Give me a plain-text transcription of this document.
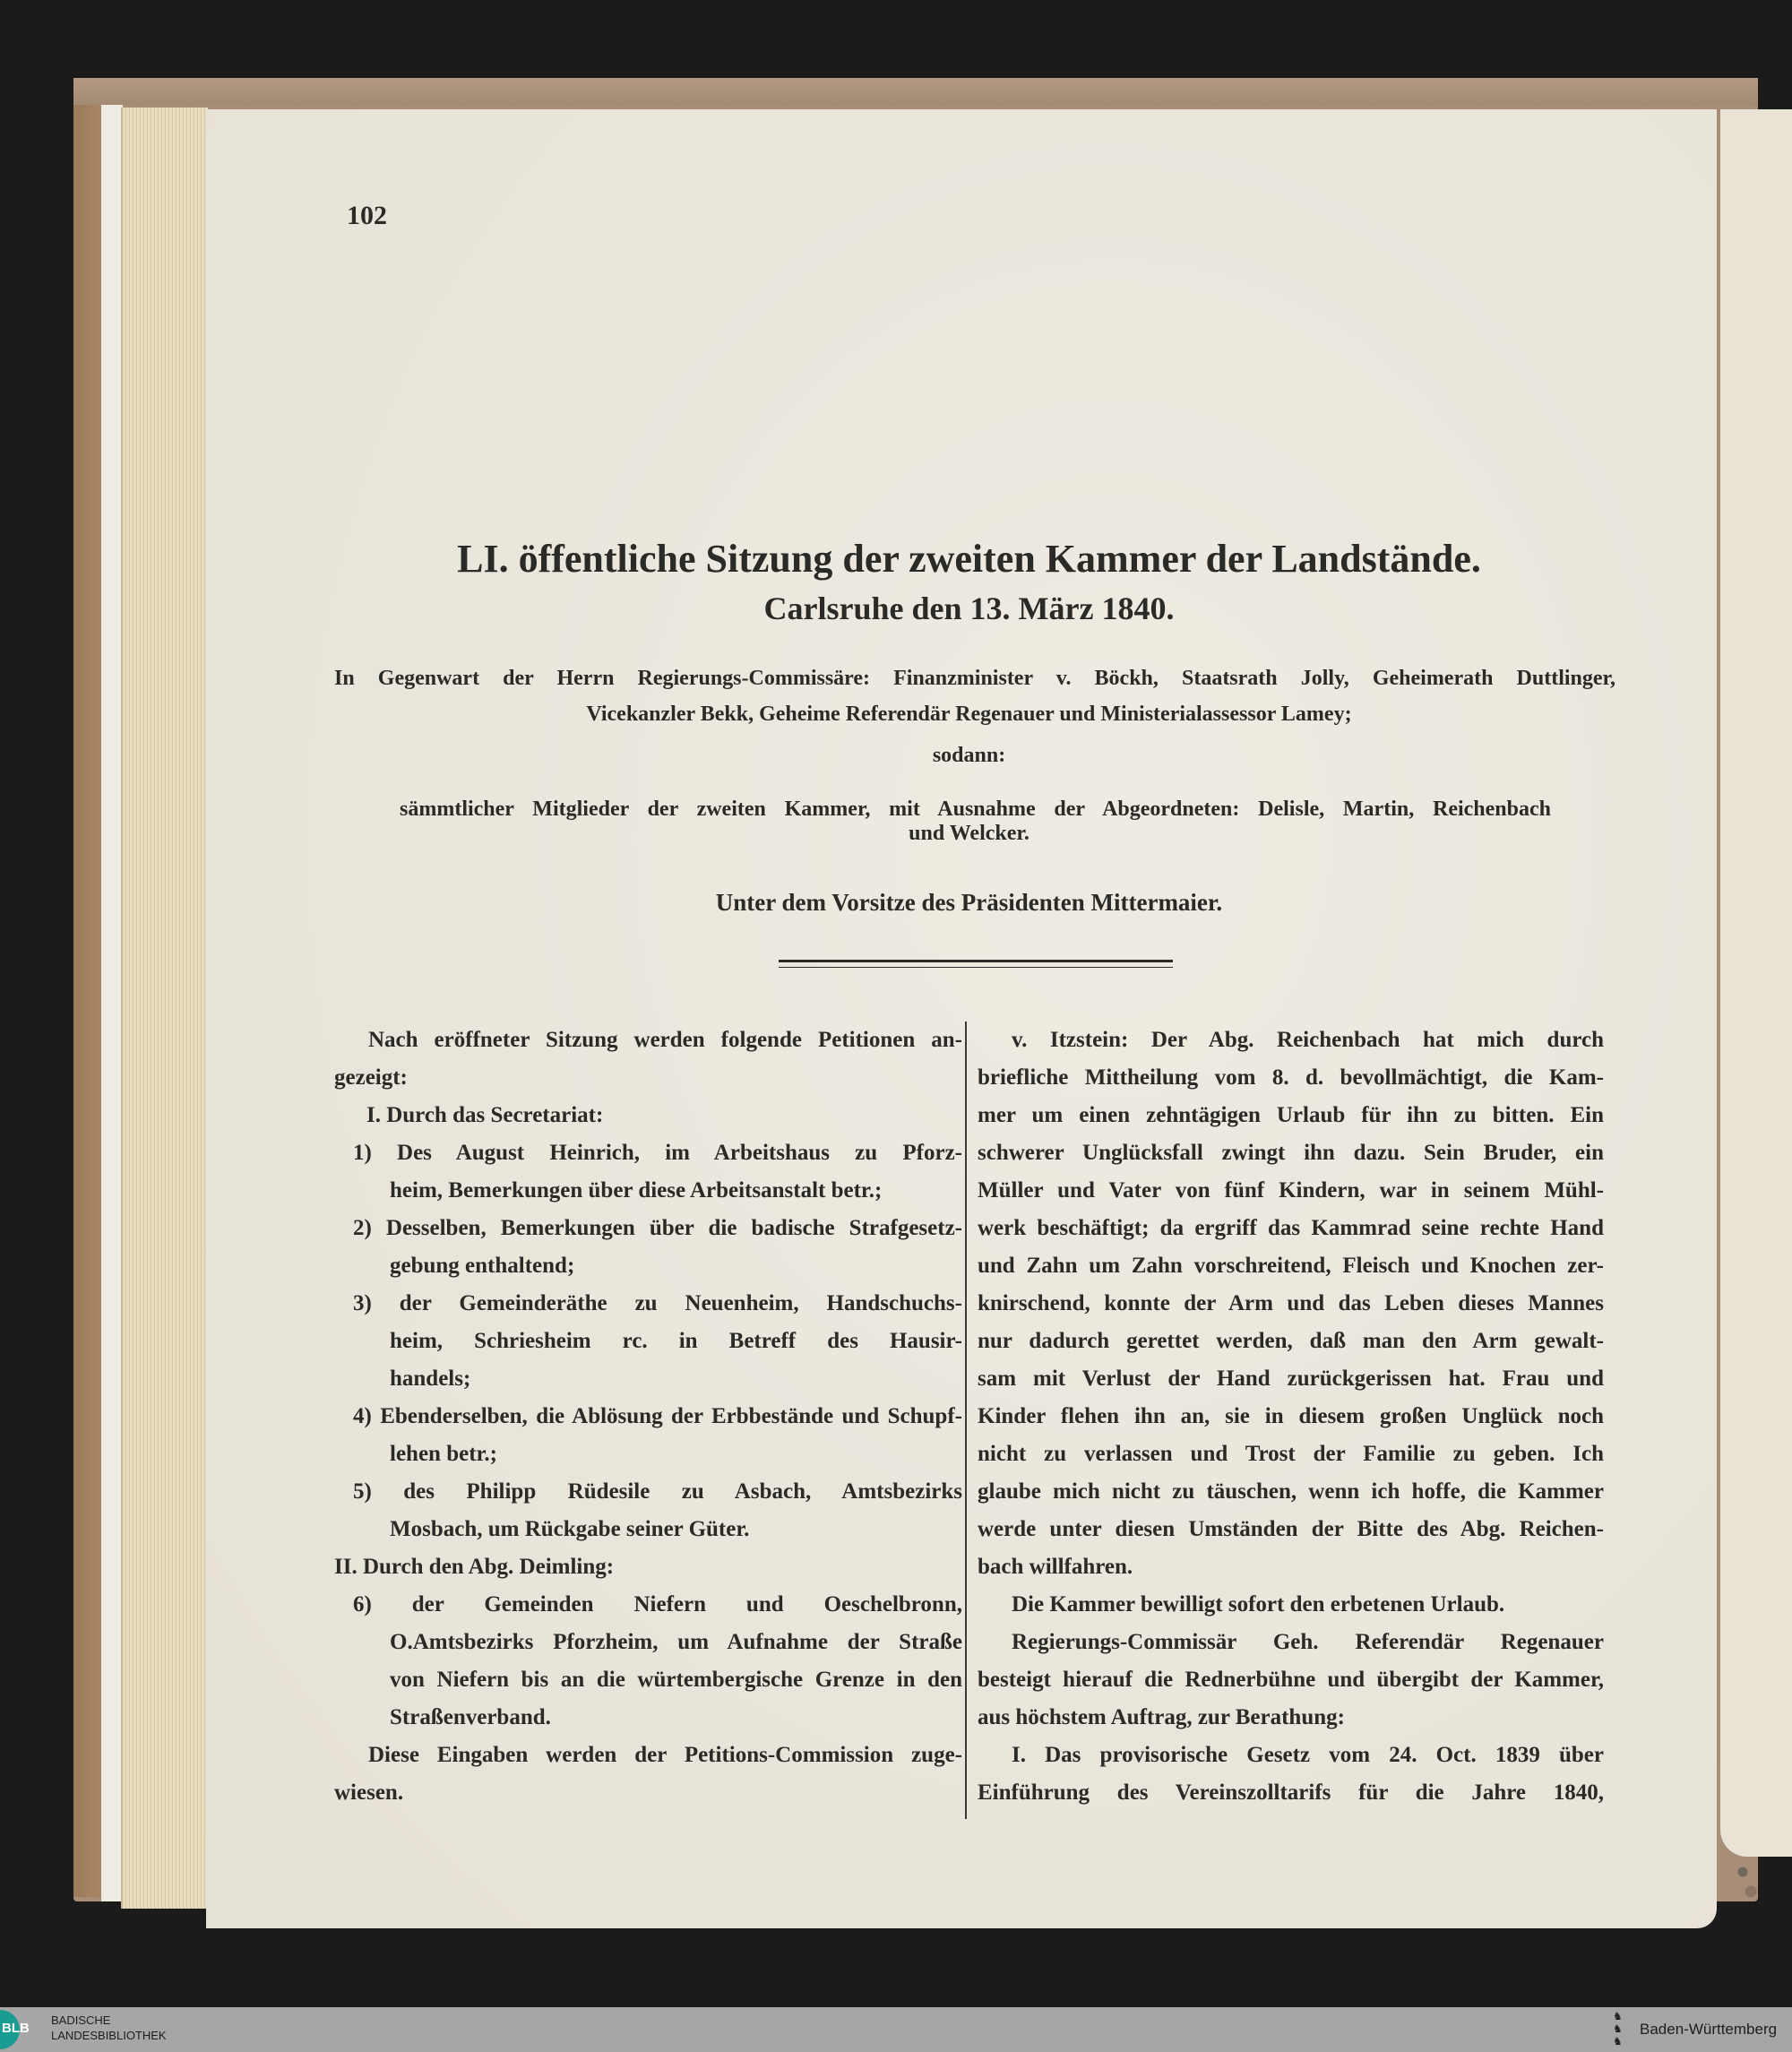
102
LI. öffentliche Sitzung der zweiten Kammer der Landstände.
Carlsruhe den 13. März 1840.
In Gegenwart der Herrn Regierungs-Commissäre: Finanzminister v. Böckh, Staatsrath Jolly, Geheimerath Duttlinger,
Vicekanzler Bekk, Geheime Referendär Regenauer und Ministerialassessor Lamey;
sodann:
sämmtlicher Mitglieder der zweiten Kammer, mit Ausnahme der Abgeordneten: Delisle, Martin, Reichenbach
und Welcker.
Unter dem Vorsitze des Präsidenten Mittermaier.
Nach eröffneter Sitzung werden folgende Petitionen an-
gezeigt:
I. Durch das Secretariat:
1) Des August Heinrich, im Arbeitshaus zu Pforz-
heim, Bemerkungen über diese Arbeitsanstalt betr.;
2) Desselben, Bemerkungen über die badische Strafgesetz-
gebung enthaltend;
3) der Gemeinderäthe zu Neuenheim, Handschuchs-
heim, Schriesheim rc. in Betreff des Hausir-
handels;
4) Ebenderselben, die Ablösung der Erbbestände und Schupf-
lehen betr.;
5) des Philipp Rüdesile zu Asbach, Amtsbezirks
Mosbach, um Rückgabe seiner Güter.
II. Durch den Abg. Deimling:
6) der Gemeinden Niefern und Oeschelbronn,
O.Amtsbezirks Pforzheim, um Aufnahme der Straße
von Niefern bis an die würtembergische Grenze in den
Straßenverband.
Diese Eingaben werden der Petitions-Commission zuge-
wiesen.
v. Itzstein: Der Abg. Reichenbach hat mich durch
briefliche Mittheilung vom 8. d. bevollmächtigt, die Kam-
mer um einen zehntägigen Urlaub für ihn zu bitten. Ein
schwerer Unglücksfall zwingt ihn dazu. Sein Bruder, ein
Müller und Vater von fünf Kindern, war in seinem Mühl-
werk beschäftigt; da ergriff das Kammrad seine rechte Hand
und Zahn um Zahn vorschreitend, Fleisch und Knochen zer-
knirschend, konnte der Arm und das Leben dieses Mannes
nur dadurch gerettet werden, daß man den Arm gewalt-
sam mit Verlust der Hand zurückgerissen hat. Frau und
Kinder flehen ihn an, sie in diesem großen Unglück noch
nicht zu verlassen und Trost der Familie zu geben. Ich
glaube mich nicht zu täuschen, wenn ich hoffe, die Kammer
werde unter diesen Umständen der Bitte des Abg. Reichen-
bach willfahren.
Die Kammer bewilligt sofort den erbetenen Urlaub.
Regierungs-Commissär Geh. Referendär Regenauer
besteigt hierauf die Rednerbühne und übergibt der Kammer,
aus höchstem Auftrag, zur Berathung:
I. Das provisorische Gesetz vom 24. Oct. 1839 über
Einführung des Vereinszolltarifs für die Jahre 1840,
BLB
BADISCHE
LANDESBIBLIOTHEK
♞
♞
♞
Baden-Württemberg
